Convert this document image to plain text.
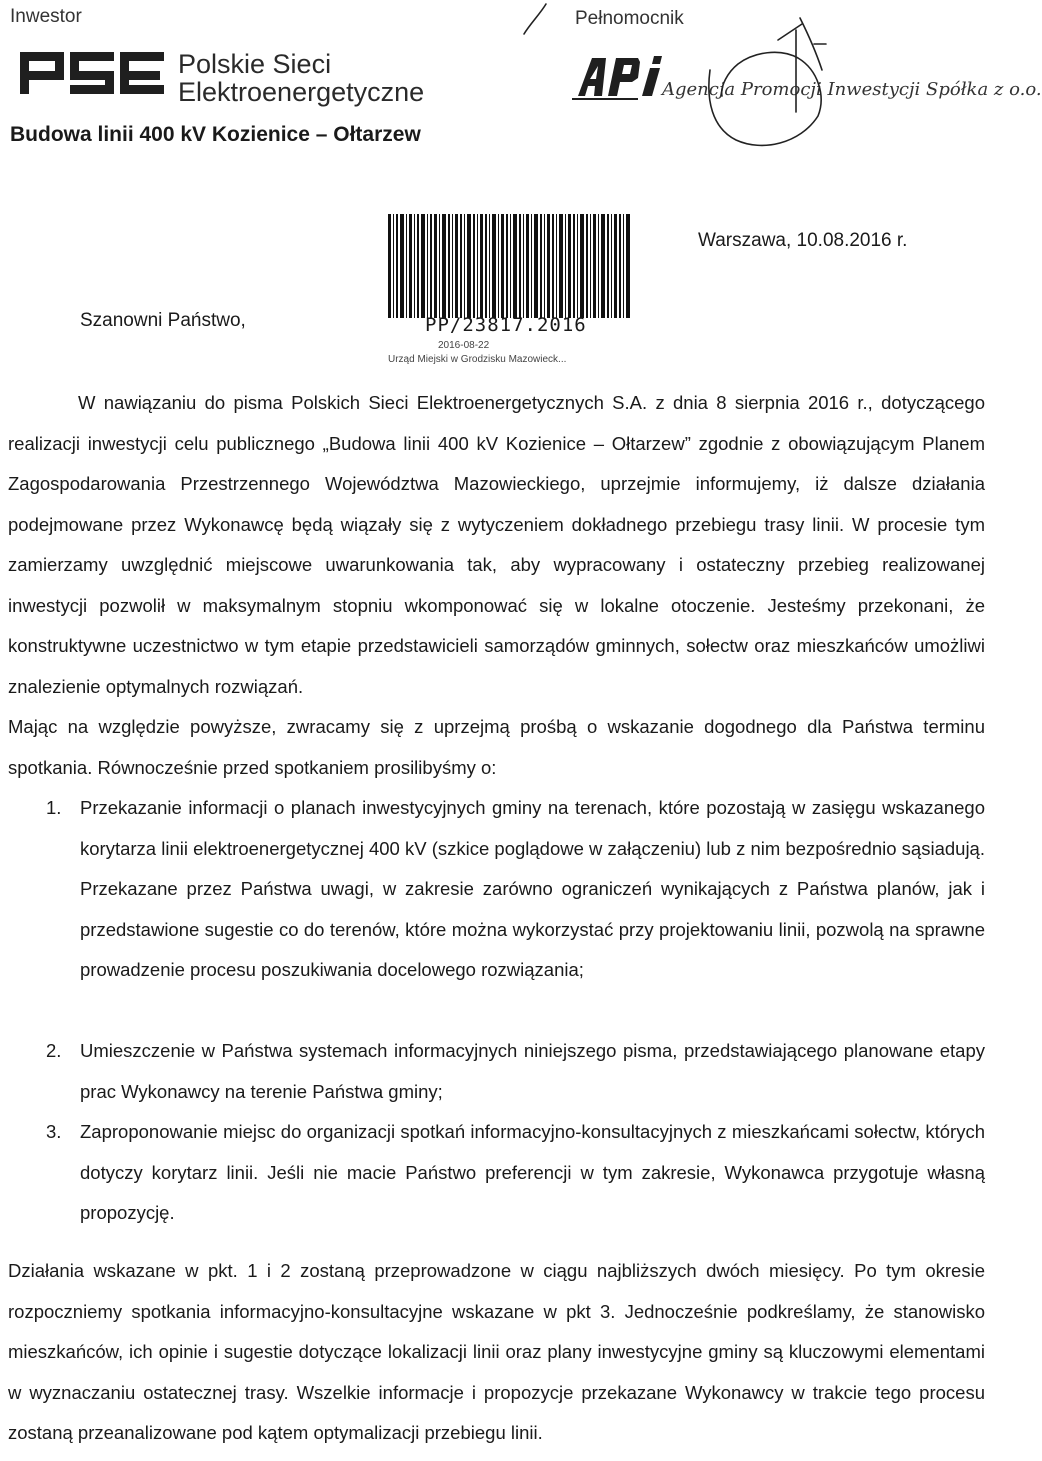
Inwestor
Polskie Sieci
Elektroenergetyczne
Budowa linii 400 kV Kozienice – Ołtarzew
Pełnomocnik
Agencja Promocji Inwestycji Spółka z o.o.
PP/23817.2016
2016-08-22
Urząd Miejski w Grodzisku Mazowieck...
Warszawa, 10.08.2016 r.
Szanowni Państwo,
W nawiązaniu do pisma Polskich Sieci Elektroenergetycznych S.A. z dnia 8 sierpnia 2016 r., dotyczącego realizacji inwestycji celu publicznego „Budowa linii 400 kV Kozienice – Ołtarzew” zgodnie z obowiązującym Planem Zagospodarowania Przestrzennego Województwa Mazowieckiego, uprzejmie informujemy, iż dalsze działania podejmowane przez Wykonawcę będą wiązały się z wytyczeniem dokładnego przebiegu trasy linii. W procesie tym zamierzamy uwzględnić miejscowe uwarunkowania tak, aby wypracowany i ostateczny przebieg realizowanej inwestycji pozwolił w maksymalnym stopniu wkomponować się w lokalne otoczenie. Jesteśmy przekonani, że konstruktywne uczestnictwo w tym etapie przedstawicieli samorządów gminnych, sołectw oraz mieszkańców umożliwi znalezienie optymalnych rozwiązań.
Mając na względzie powyższe, zwracamy się z uprzejmą prośbą o wskazanie dogodnego dla Państwa terminu spotkania. Równocześnie przed spotkaniem prosilibyśmy o:
1. Przekazanie informacji o planach inwestycyjnych gminy na terenach, które pozostają w zasięgu wskazanego korytarza linii elektroenergetycznej 400 kV (szkice poglądowe w załączeniu) lub z nim bezpośrednio sąsiadują. Przekazane przez Państwa uwagi, w zakresie zarówno ograniczeń wynikających z Państwa planów, jak i przedstawione sugestie co do terenów, które można wykorzystać przy projektowaniu linii, pozwolą na sprawne prowadzenie procesu poszukiwania docelowego rozwiązania;
2. Umieszczenie w Państwa systemach informacyjnych niniejszego pisma, przedstawiającego planowane etapy prac Wykonawcy na terenie Państwa gminy;
3. Zaproponowanie miejsc do organizacji spotkań informacyjno-konsultacyjnych z mieszkańcami sołectw, których dotyczy korytarz linii. Jeśli nie macie Państwo preferencji w tym zakresie, Wykonawca przygotuje własną propozycję.
Działania wskazane w pkt. 1 i 2 zostaną przeprowadzone w ciągu najbliższych dwóch miesięcy. Po tym okresie rozpoczniemy spotkania informacyjno-konsultacyjne wskazane w pkt 3. Jednocześnie podkreślamy, że stanowisko mieszkańców, ich opinie i sugestie dotyczące lokalizacji linii oraz plany inwestycyjne gminy są kluczowymi elementami w wyznaczaniu ostatecznej trasy. Wszelkie informacje i propozycje przekazane Wykonawcy w trakcie tego procesu zostaną przeanalizowane pod kątem optymalizacji przebiegu linii.
